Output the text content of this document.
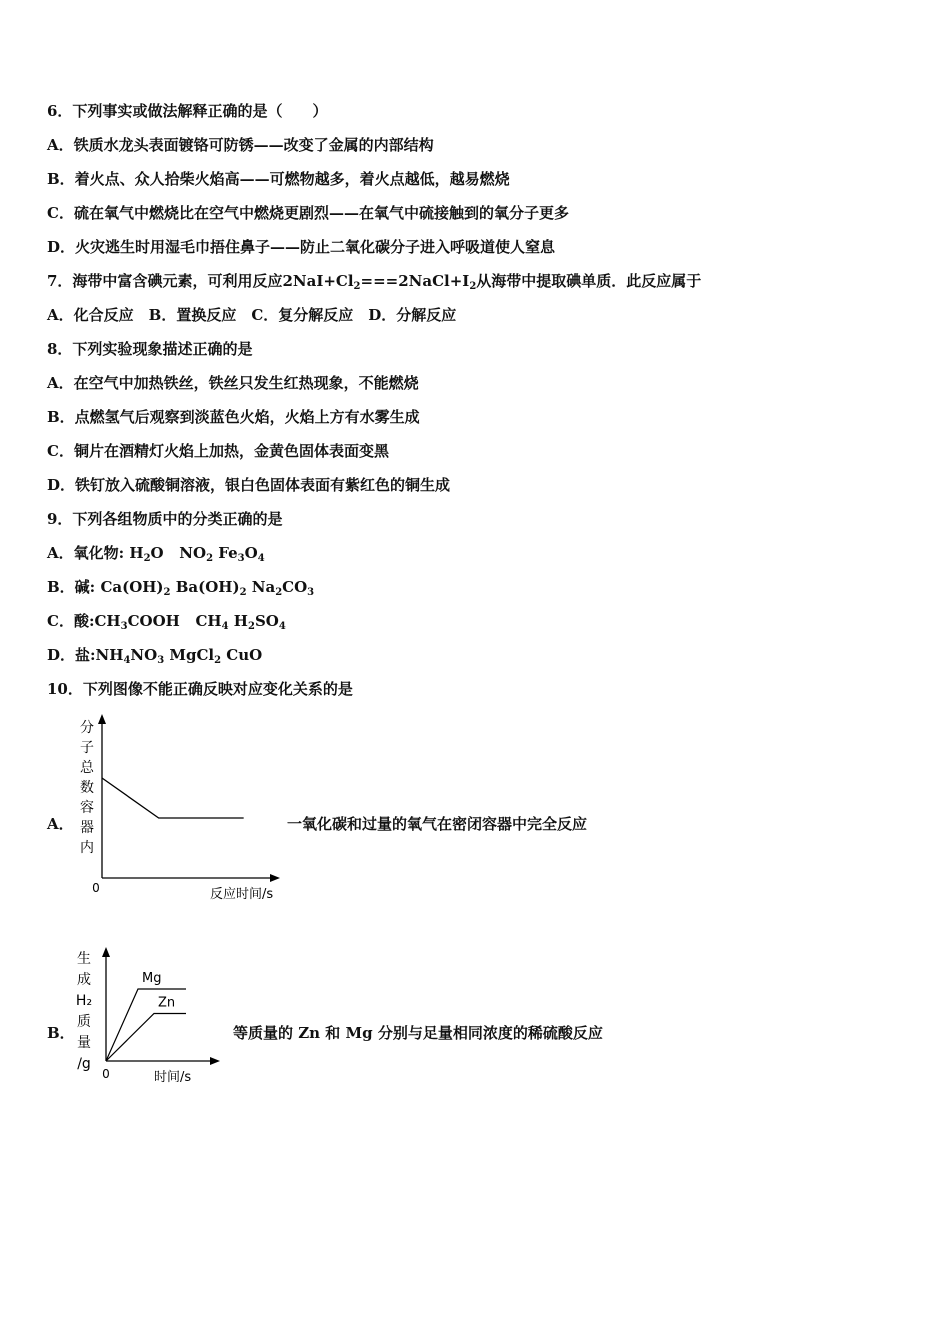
6．下列事实或做法解释正确的是（　　）
A．铁质水龙头表面镀铬可防锈——改变了金属的内部结构
B．着火点、众人拾柴火焰高——可燃物越多，着火点越低，越易燃烧
C．硫在氧气中燃烧比在空气中燃烧更剧烈——在氧气中硫接触到的氧分子更多
D．火灾逃生时用湿毛巾捂住鼻子——防止二氧化碳分子进入呼吸道使人窒息
7．海带中富含碘元素，可利用反应$2NaI+Cl_2===2NaCl+I_2$从海带中提取碘单质．此反应属于
A．化合反应　B．置换反应　C．复分解反应　D．分解反应
8．下列实验现象描述正确的是
A．在空气中加热铁丝，铁丝只发生红热现象，不能燃烧
B．点燃氢气后观察到淡蓝色火焰，火焰上方有水雾生成
C．铜片在酒精灯火焰上加热，金黄色固体表面变黑
D．铁钉放入硫酸铜溶液，银白色固体表面有紫红色的铜生成
9．下列各组物质中的分类正确的是
A．氧化物: $H_2O$   $NO_2$ $Fe_3O_4$
B．碱: $Ca(OH)_2$ $Ba(OH)_2$ $Na_2CO_3$
C．酸$:CH_3COOH$   $CH_4$ $H_2SO_4$
D．盐$:NH_4NO_3$ MgCl$_2$ CuO
10．下列图像不能正确反映对应变化关系的是
A．
分
子
总
数
容
器
内
0	反应时间/s
一氧化碳和过量的氧气在密闭容器中完全反应
B．
生
成
H₂
质
量
/g
0	时间/s
Mg
Zn
等质量的 Zn 和 Mg 分别与足量相同浓度的稀硫酸反应
